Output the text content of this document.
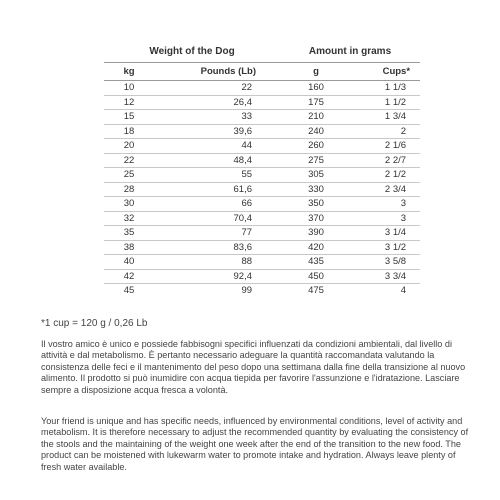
Weight of the Dog		Amount in grams	
kg	Pounds (Lb)	g	Cups*
10	22	160	1 1/3
12	26,4	175	1 1/2
15	33	210	1 3/4
18	39,6	240	2
20	44	260	2 1/6
22	48,4	275	2 2/7
25	55	305	2 1/2
28	61,6	330	2 3/4
30	66	350	3
32	70,4	370	3
35	77	390	3 1/4
38	83,6	420	3 1/2
40	88	435	3 5/8
42	92,4	450	3 3/4
45	99	475	4
*1 cup = 120 g / 0,26 Lb

Il vostro amico è unico e possiede fabbisogni specifici influenzati da condizioni ambientali, dal livello di attività e dal metabolismo. È pertanto necessario adeguare la quantità raccomandata valutando la consistenza delle feci e il mantenimento del peso dopo una settimana dalla fine della transizione al nuovo alimento. Il prodotto si può inumidire con acqua tiepida per favorire l'assunzione e l'idratazione. Lasciare sempre a disposizione acqua fresca a volontà.

Your friend is unique and has specific needs, influenced by environmental conditions, level of activity and metabolism. It is therefore necessary to adjust the recommended quantity by evaluating the consistency of the stools and the maintaining of the weight one week after the end of the transition to the new food. The product can be moistened with lukewarm water to promote intake and hydration. Always leave plenty of fresh water available.
